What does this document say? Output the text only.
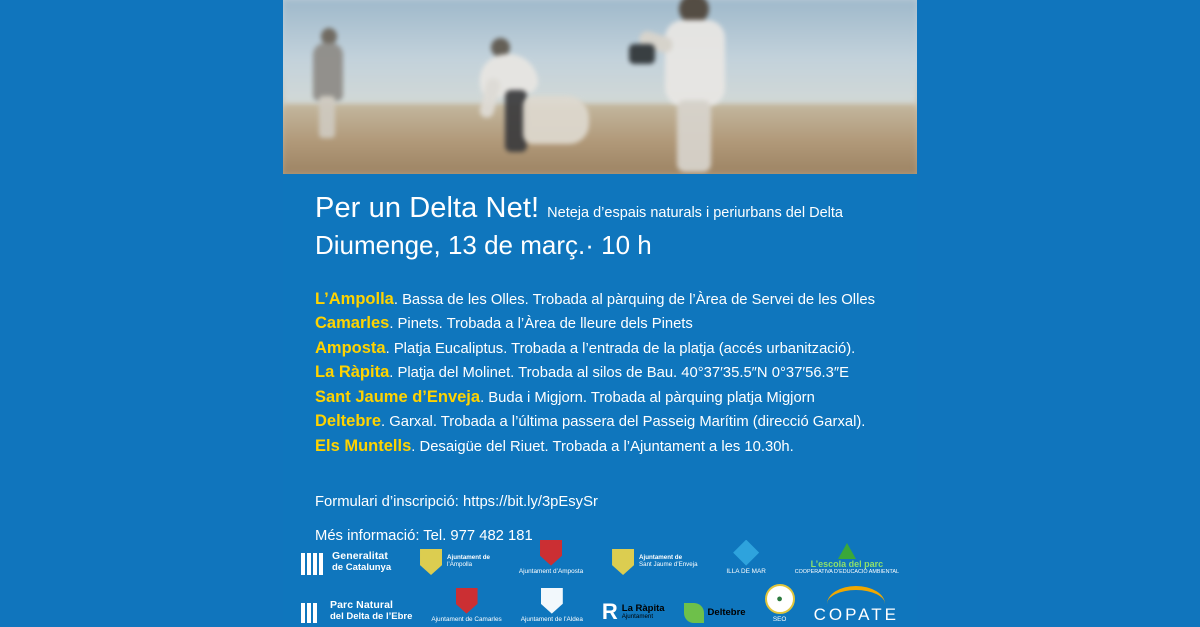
Per un Delta Net! Neteja d’espais naturals i periurbans del Delta
Diumenge, 13 de març.· 10 h
L’Ampolla. Bassa de les Olles. Trobada al pàrquing de l’Àrea de Servei de les Olles
Camarles. Pinets. Trobada a l’Àrea de lleure dels Pinets
Amposta. Platja Eucaliptus. Trobada a l’entrada de la platja (accés urbanització).
La Ràpita. Platja del Molinet. Trobada al silos de Bau. 40°37′35.5″N 0°37′56.3″E
Sant Jaume d’Enveja. Buda i Migjorn. Trobada al pàrquing platja Migjorn
Deltebre. Garxal. Trobada a l’última passera del Passeig Marítim (direcció Garxal).
Els Muntells. Desaigüe del Riuet. Trobada a l’Ajuntament a les 10.30h.
Formulari d’inscripció: https://bit.ly/3pEsySr
Més informació: Tel. 977 482 181
Generalitat
de Catalunya
Ajuntament de
l’Ampolla
Ajuntament d’Amposta
Ajuntament de
Sant Jaume d’Enveja
ILLA DE MAR
L’escola del parc
COOPERATIVA D’EDUCACIÓ AMBIENTAL
Parc Natural
del Delta de l’Ebre	Ajuntament de Camarles	Ajuntament de l’Aldea R La Ràpita
Ajuntament	Deltebre
●
SEO COPATE
